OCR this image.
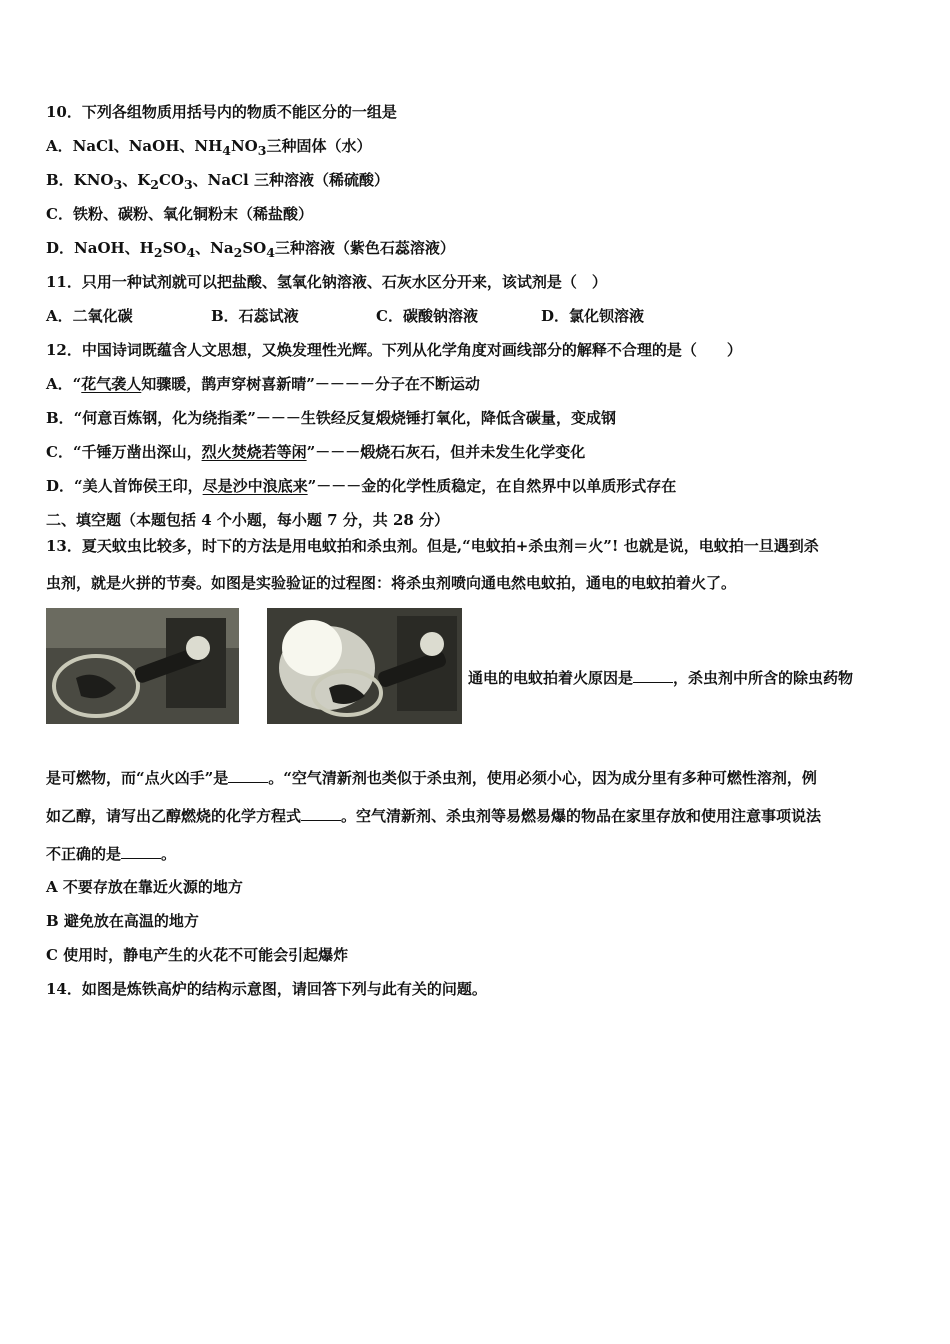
10．下列各组物质用括号内的物质不能区分的一组是
A．NaCl、NaOH、$NH_4NO_3$三种固体（水）
B．$KNO_3$、$K_2CO_3$、NaCl 三种溶液（稀硫酸）
C．铁粉、碳粉、氧化铜粉末（稀盐酸）
D．NaOH、$H_2SO_4$、$Na_2SO_4$三种溶液（紫色石蕊溶液）
11．只用一种试剂就可以把盐酸、氢氧化钠溶液、石灰水区分开来，该试剂是（　）
A．二氧化碳	B．石蕊试液	C．碳酸钠溶液	D．氯化钡溶液
12．中国诗词既蕴含人文思想，又焕发理性光辉。下列从化学角度对画线部分的解释不合理的是（　　）
A．“花气袭人知骤暖，鹊声穿树喜新晴”－－－－分子在不断运动
B．“何意百炼钢，化为绕指柔”－－－生铁经反复煅烧锤打氧化，降低含碳量，变成钢
C．“千锤万凿出深山，烈火焚烧若等闲”－－－煅烧石灰石，但并未发生化学变化
D．“美人首饰侯王印，尽是沙中浪底来”－－－金的化学性质稳定，在自然界中以单质形式存在
二、填空题（本题包括 4 个小题，每小题 7 分，共 28 分）
13．夏天蚊虫比较多，时下的方法是用电蚊拍和杀虫剂。但是,“电蚊拍+杀虫剂＝火”! 也就是说，电蚊拍一旦遇到杀
虫剂，就是火拼的节奏。如图是实验验证的过程图：将杀虫剂喷向通电然电蚊拍，通电的电蚊拍着火了。
通电的电蚊拍着火原因是	，杀虫剂中所含的除虫药物
是可燃物，而“点火凶手”是	。“空气清新剂也类似于杀虫剂，使用必须小心，因为成分里有多种可燃性溶剂，例
如乙醇，请写出乙醇燃烧的化学方程式	。空气清新剂、杀虫剂等易燃易爆的物品在家里存放和使用注意事项说法
不正确的是	。
A 不要存放在靠近火源的地方
B 避免放在高温的地方
C 使用时，静电产生的火花不可能会引起爆炸
14．如图是炼铁高炉的结构示意图，请回答下列与此有关的问题。
